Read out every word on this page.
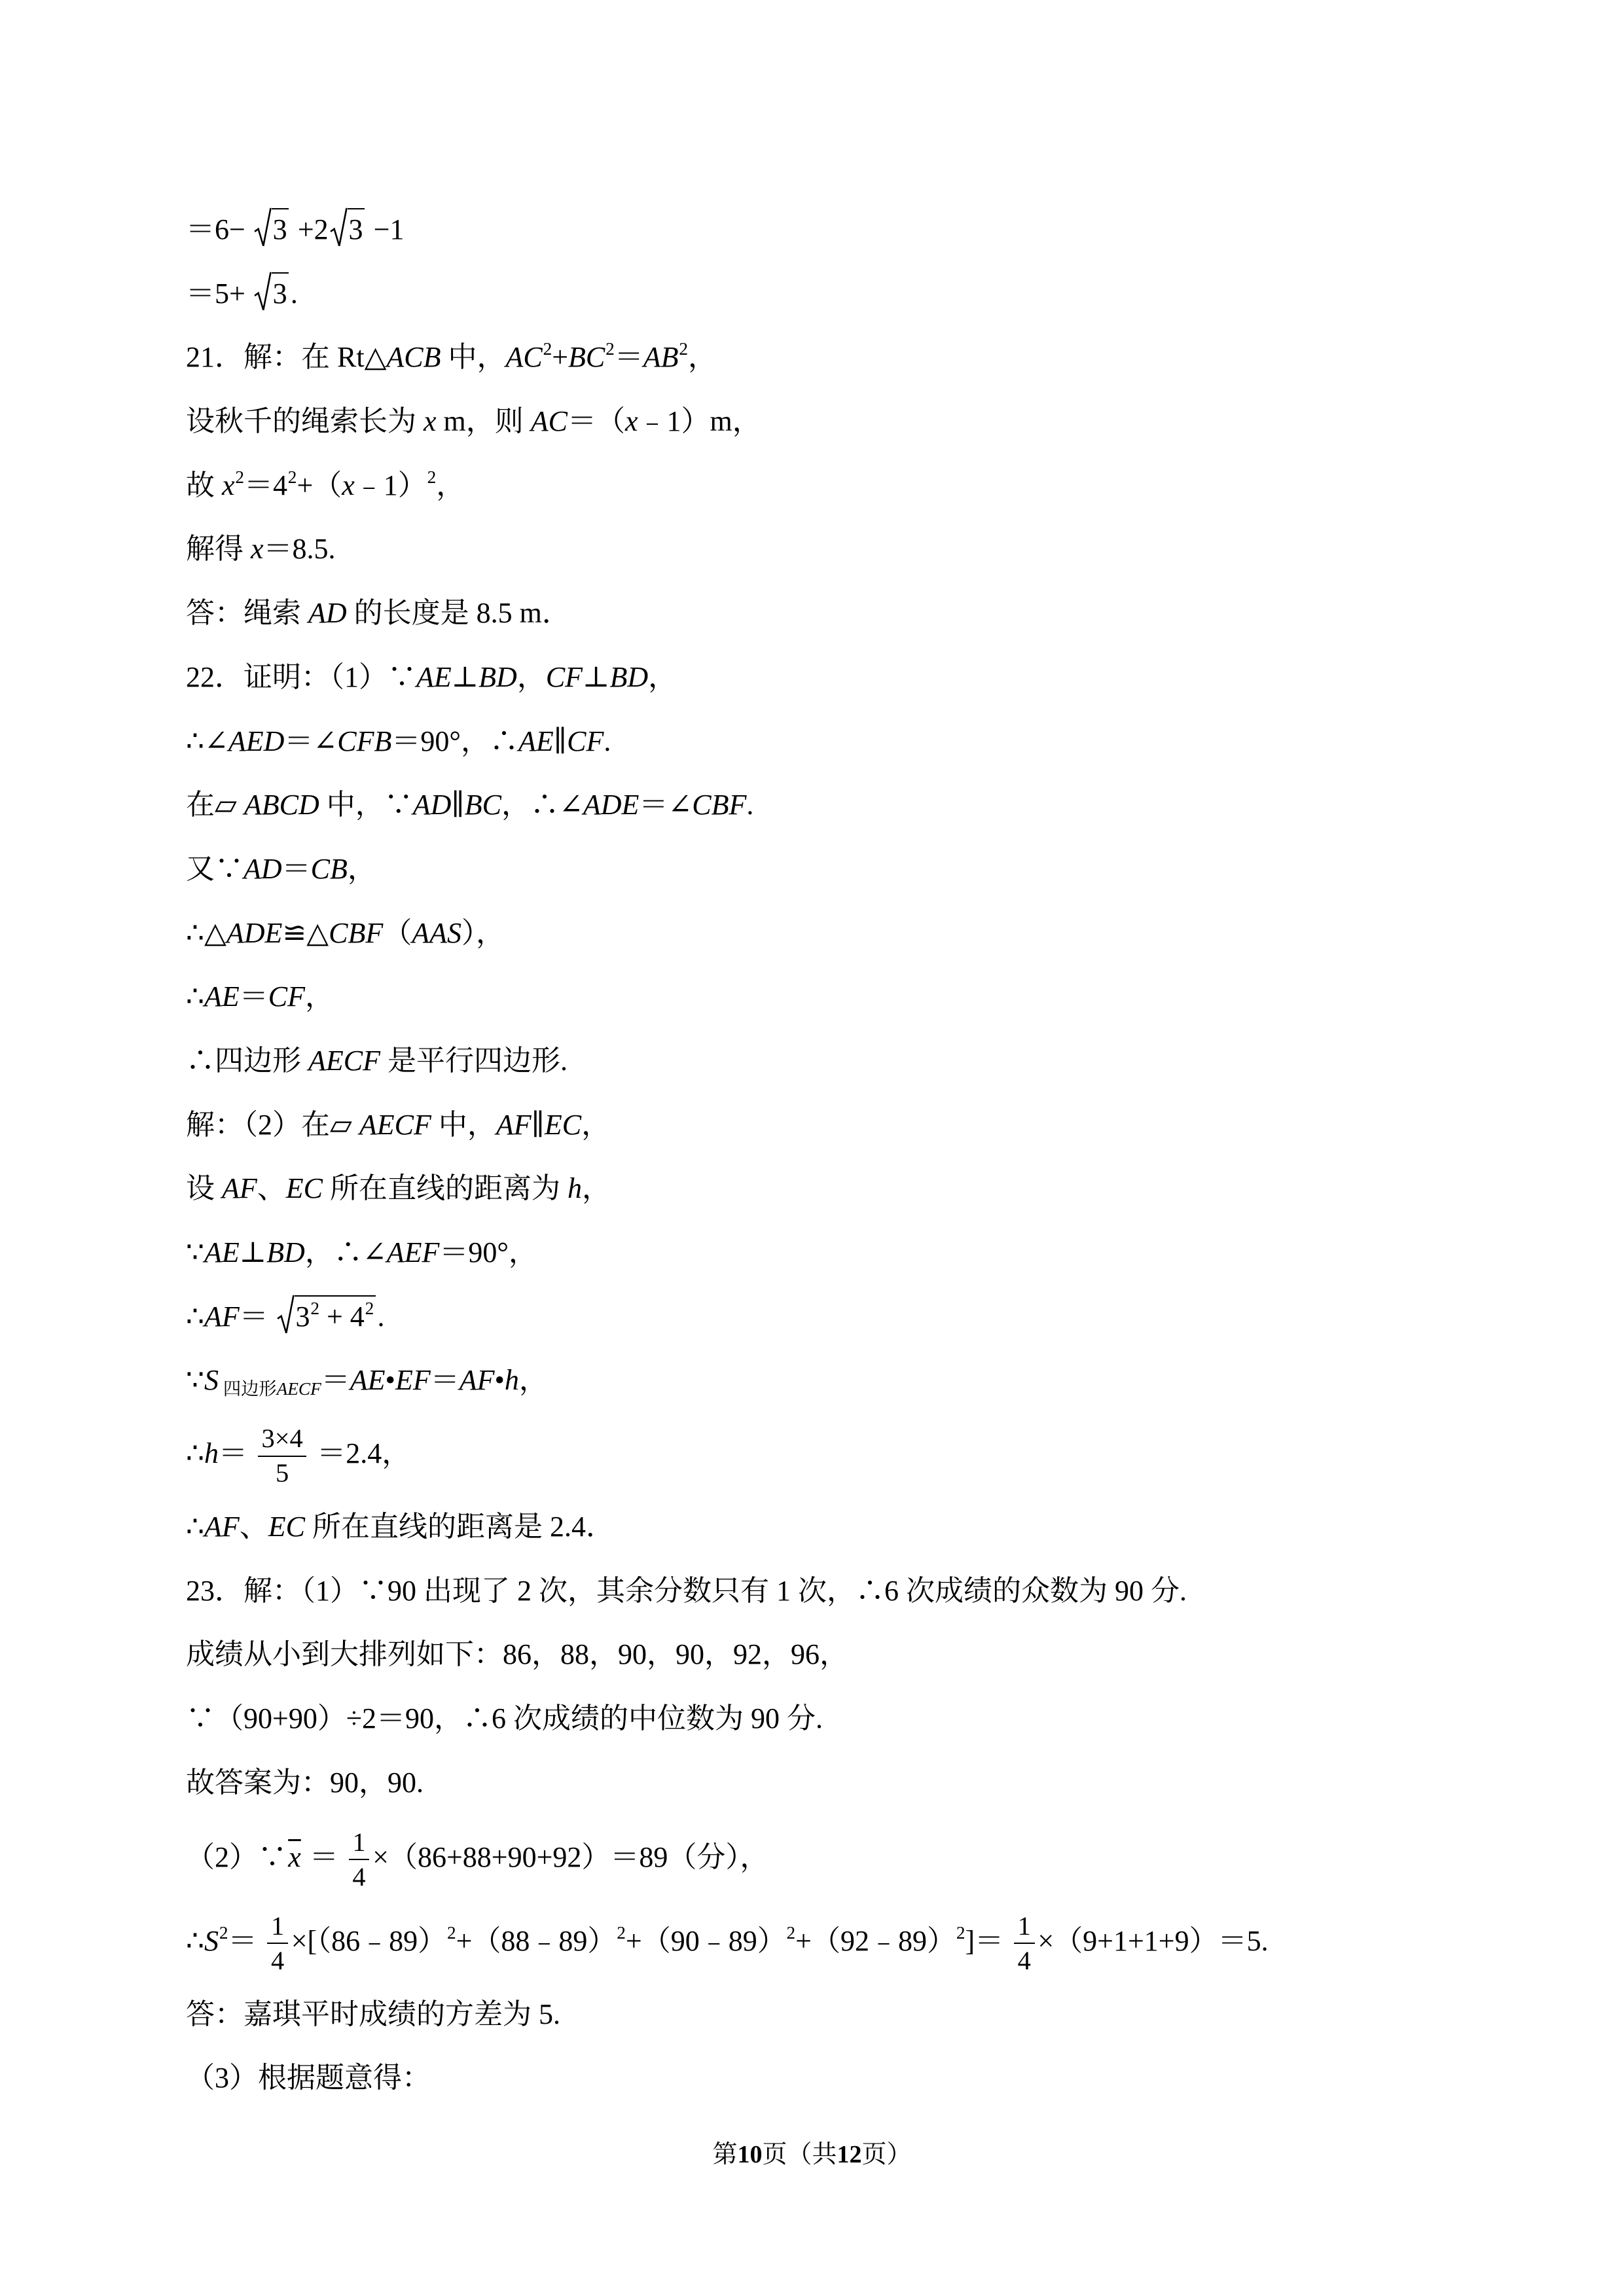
＝6−
3 +2 3 −1
＝5+
3 .
21．解：在 Rt△ACB 中，$AC^2+BC^2=AB^2$，
设秋千的绳索长为 x m，则 AC＝（x﹣1）m，
故 $x^2=4^2+(x﹣1)^2$，
解得 x＝8.5.
答：绳索 AD 的长度是 8.5 m．
22．证明：（1）∵AE⊥BD，CF⊥BD，
∴∠AED＝∠CFB＝90°，∴AE∥CF.
在▱ ABCD 中，∵AD∥BC，∴∠ADE＝∠CBF.
又∵AD＝CB，
∴△ADE≌△CBF（AAS），
∴AE＝CF，
∴四边形 AECF 是平行四边形.
解：（2）在▱ AECF 中，AF∥EC，
设 AF、EC 所在直线的距离为 h，
∵AE⊥BD，∴∠AEF＝90°，
∴AF＝
$3^2 + 4^2$ .
∵S 四边形AECF＝AE•EF＝AF•h，
∴h＝ $\frac{3\times 4}{5} =2.4$，
∴AF、EC 所在直线的距离是 2.4．
23．解：（1）∵90 出现了 2 次，其余分数只有 1 次，∴6 次成绩的众数为 90 分.
成绩从小到大排列如下：86，88，90，90，92，96，
∵（90+90）÷2＝90，∴6 次成绩的中位数为 90 分.
故答案为：90，90.
$(2)\because\overline{x} = \frac{1}{4} \times(86+88+90+92)=89$（分），
$\therefore S^2= \frac{1}{4}$ ×[（86﹣89）$^2$+（88﹣89）$^2$+（90﹣89）$^2$+（92﹣89）$^2$]＝ $\frac{1}{4} \times(9+1+1+9)=5$.
答：嘉琪平时成绩的方差为 5.
（3）根据题意得：
第10页（共12页）
